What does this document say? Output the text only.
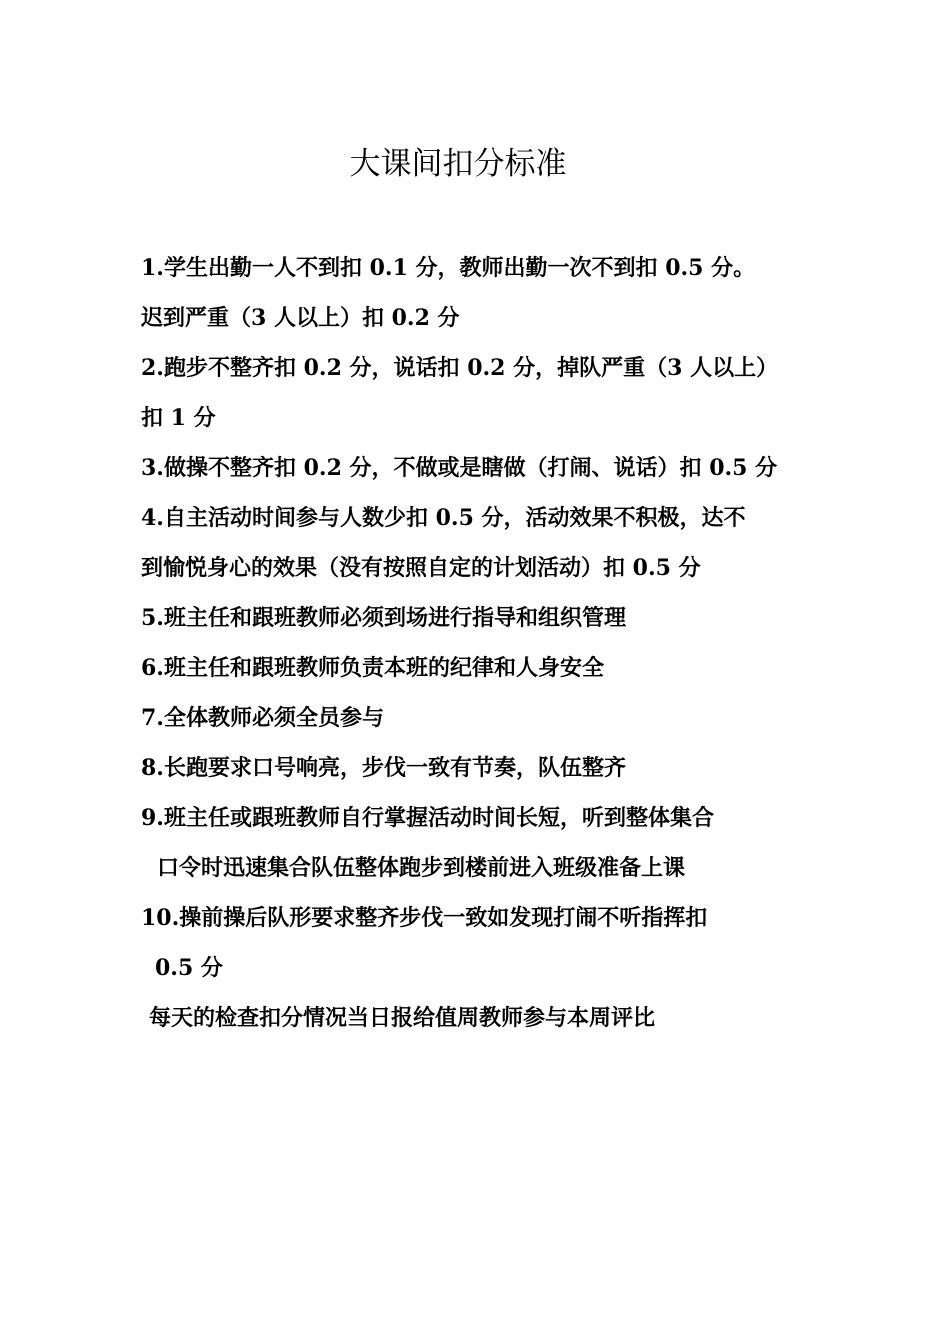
大课间扣分标准

1.学生出勤一人不到扣 0.1 分，教师出勤一次不到扣 0.5 分。

迟到严重（3 人以上）扣 0.2 分

2.跑步不整齐扣 0.2 分，说话扣 0.2 分，掉队严重（3 人以上）

扣 1 分

3.做操不整齐扣 0.2 分，不做或是瞎做（打闹、说话）扣 0.5 分

4.自主活动时间参与人数少扣 0.5 分，活动效果不积极，达不

到愉悦身心的效果（没有按照自定的计划活动）扣 0.5 分

5.班主任和跟班教师必须到场进行指导和组织管理

6.班主任和跟班教师负责本班的纪律和人身安全

7.全体教师必须全员参与

8.长跑要求口号响亮，步伐一致有节奏，队伍整齐

9.班主任或跟班教师自行掌握活动时间长短，听到整体集合

口令时迅速集合队伍整体跑步到楼前进入班级准备上课

10.操前操后队形要求整齐步伐一致如发现打闹不听指挥扣

0.5 分

每天的检查扣分情况当日报给值周教师参与本周评比
